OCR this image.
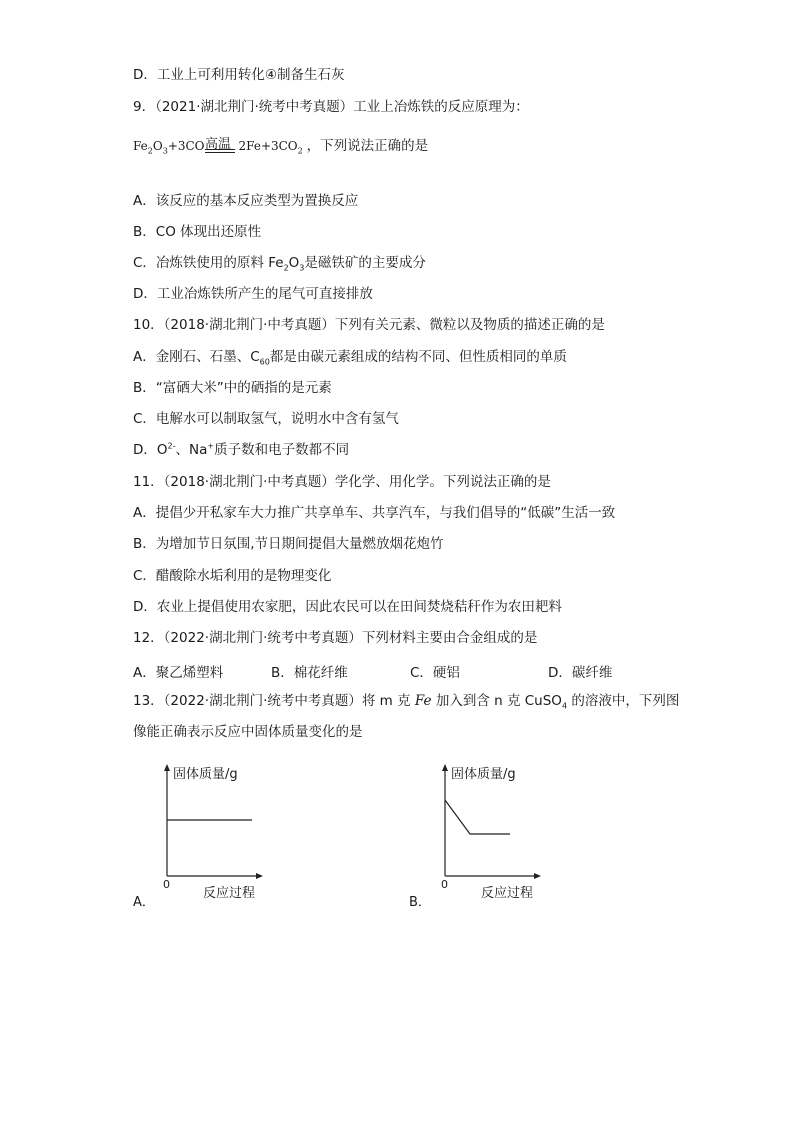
D．工业上可利用转化④制备生石灰
9．（2021·湖北荆门·统考中考真题）工业上冶炼铁的反应原理为：
$Fe_2O_3+3CO$	$2Fe+3CO_2$ ，下列说法正确的是
高温
A．该反应的基本反应类型为置换反应
B．CO 体现出还原性
C．冶炼铁使用的原料 $Fe_2O_3$是磁铁矿的主要成分
D．工业冶炼铁所产生的尾气可直接排放
10．（2018·湖北荆门·中考真题）下列有关元素、微粒以及物质的描述正确的是
A．金刚石、石墨、$C_{60}$都是由碳元素组成的结构不同、但性质相同的单质
B．“富硒大米”中的硒指的是元素
C．电解水可以制取氢气，说明水中含有氢气
D．$O^{2-}$、Na+质子数和电子数都不同
11．（2018·湖北荆门·中考真题）学化学、用化学。下列说法正确的是
A．提倡少开私家车大力推广共享单车、共享汽车，与我们倡导的“低碳”生活一致
B．为增加节日氛围,节日期间提倡大量燃放烟花炮竹
C．醋酸除水垢利用的是物理变化
D．农业上提倡使用农家肥，因此农民可以在田间焚烧秸秆作为农田耙料
12．（2022·湖北荆门·统考中考真题）下列材料主要由合金组成的是
A．聚乙烯塑料	B．棉花纤维	C．硬铝	D．碳纤维
13．（2022·湖北荆门·统考中考真题）将 m 克 Fe 加入到含 n 克 CuSO$_4$ 的溶液中，下列图
像能正确表示反应中固体质量变化的是
固体质量/g
0
反应过程
A．
固体质量/g
0
反应过程
B．
